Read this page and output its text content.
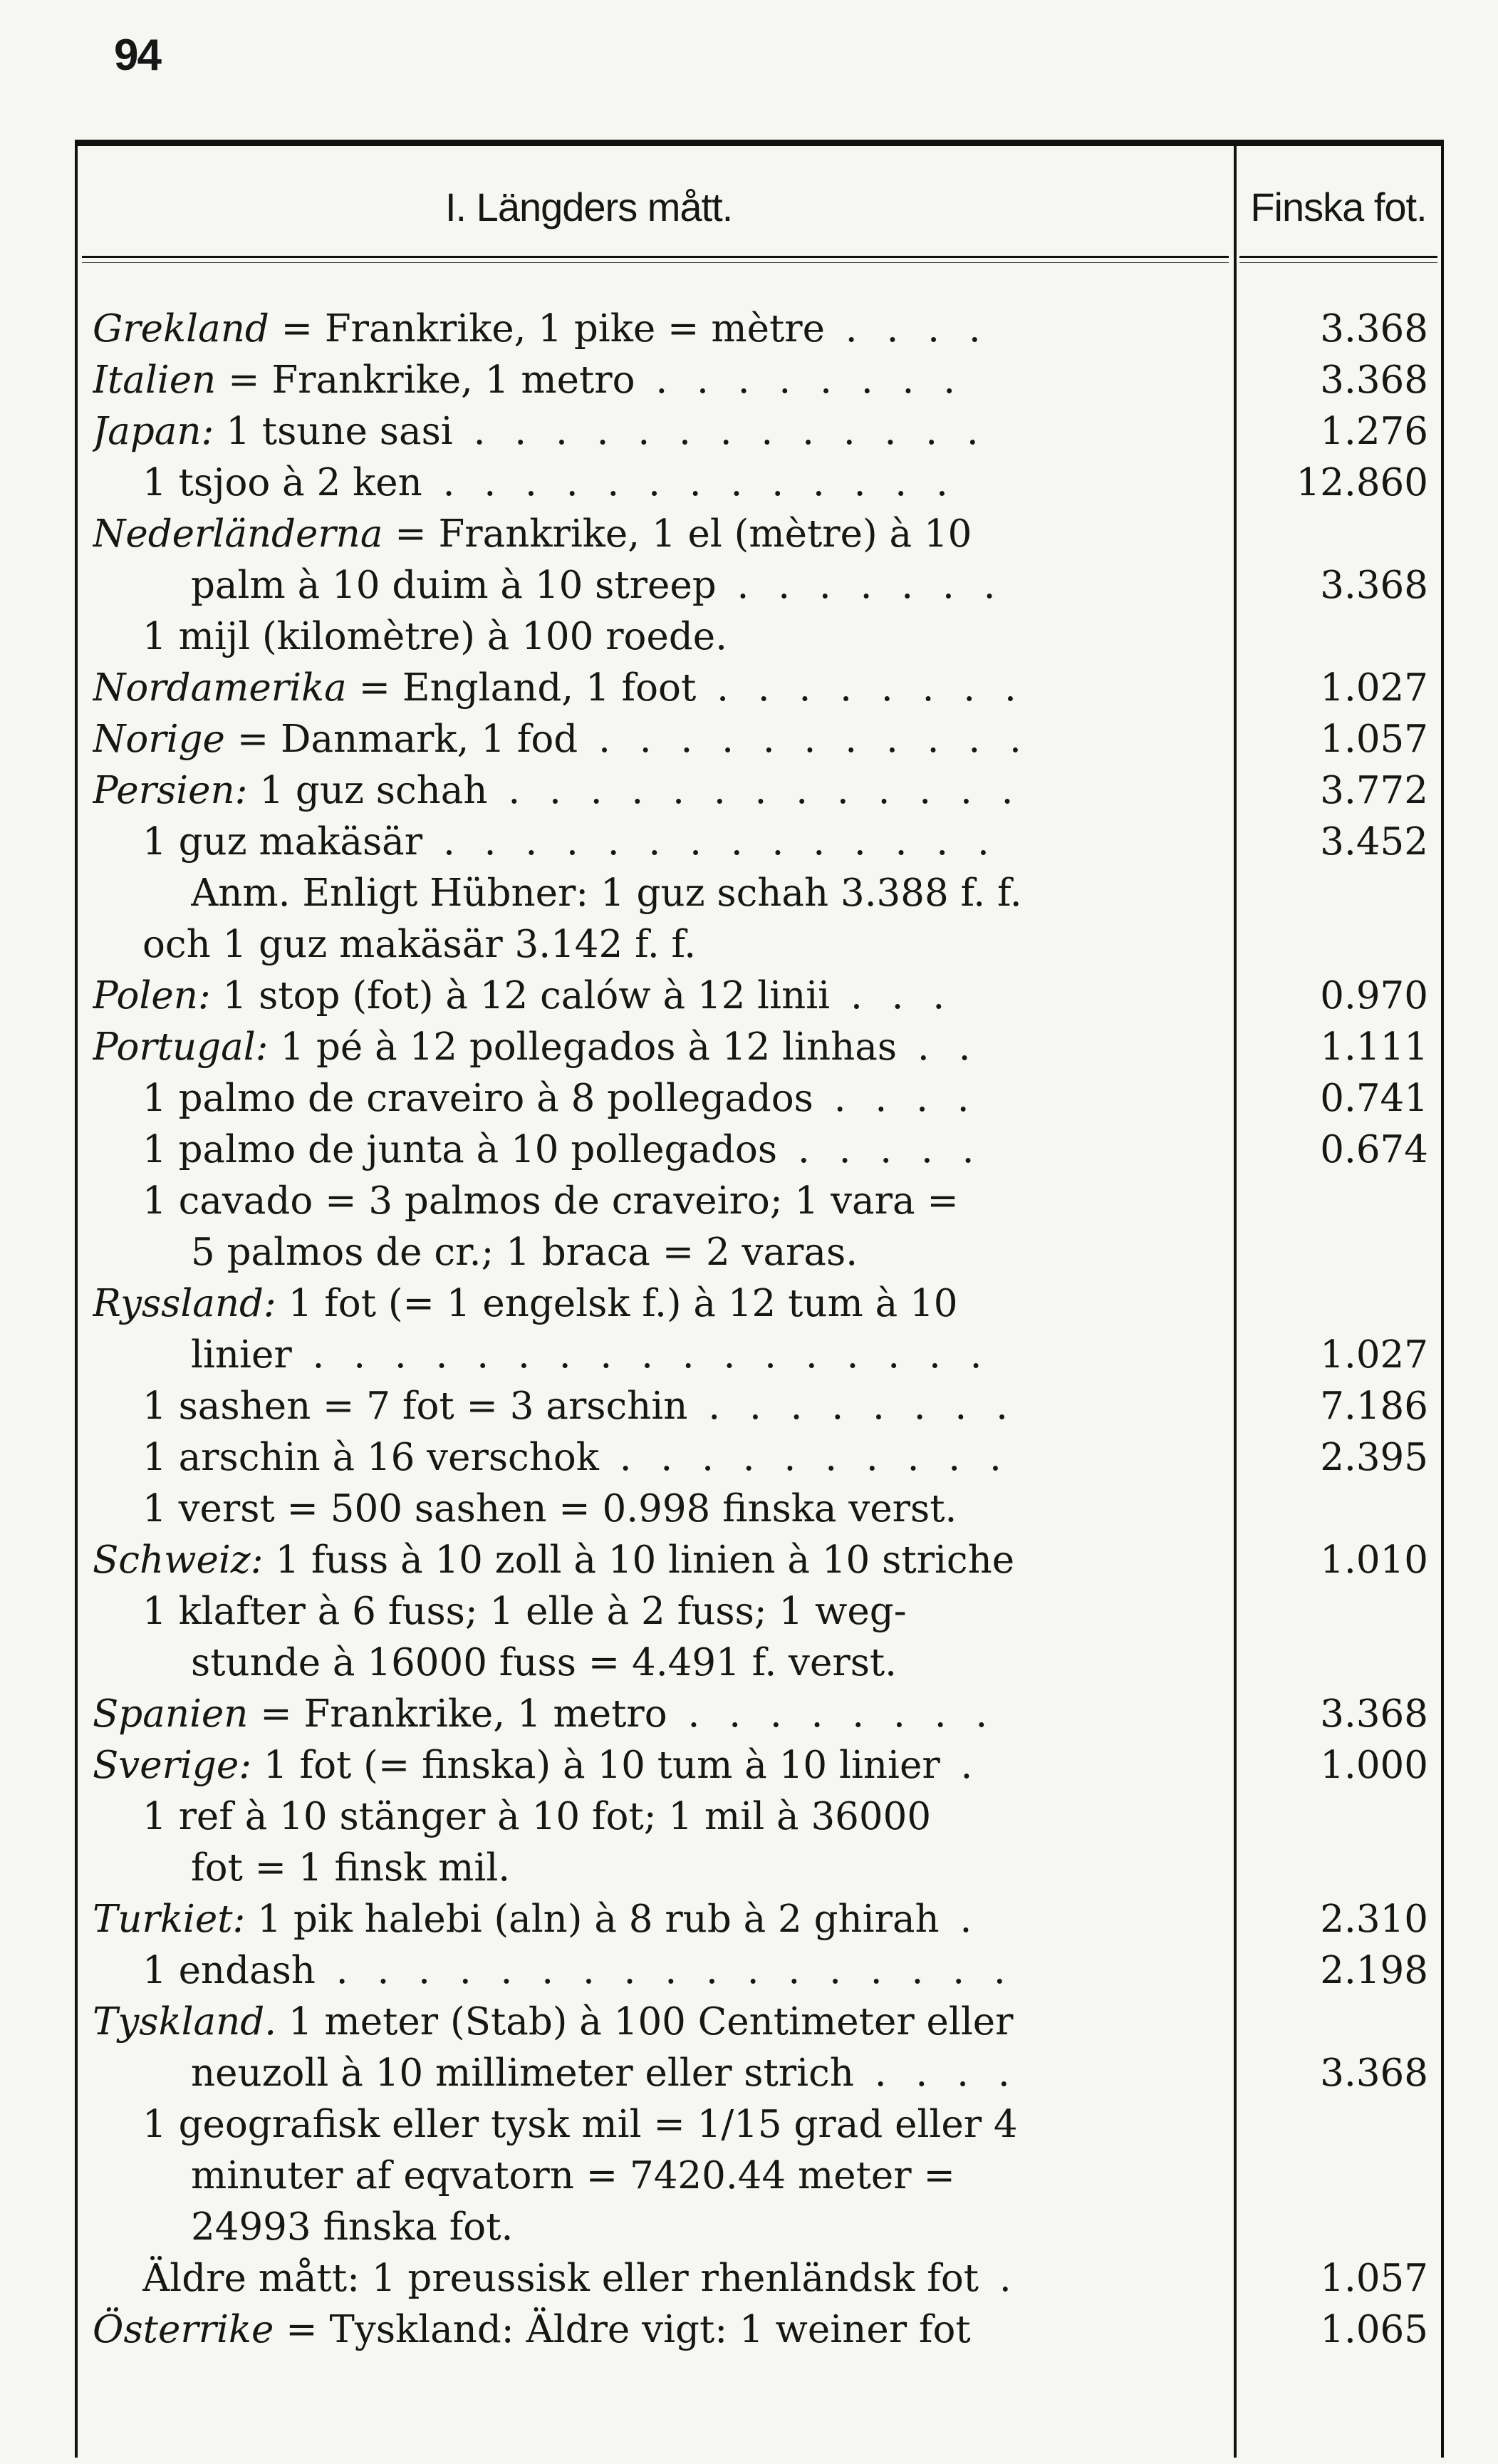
94
I. Längders mått.	Finska fot.
Grekland = Frankrike, 1 pike = mètre . . . .	3.368
Italien = Frankrike, 1 metro . . . . . . . .	3.368
Japan: 1 tsune sasi . . . . . . . . . . . . .	1.276
1 tsjoo à 2 ken . . . . . . . . . . . . .	12.860
Nederländerna = Frankrike, 1 el (mètre) à 10
palm à 10 duim à 10 streep . . . . . . .	3.368
1 mijl (kilomètre) à 100 roede.
Nordamerika = England, 1 foot . . . . . . . .	1.027
Norige = Danmark, 1 fod . . . . . . . . . . .	1.057
Persien: 1 guz schah . . . . . . . . . . . . .	3.772
1 guz makäsär . . . . . . . . . . . . . .	3.452
Anm. Enligt Hübner: 1 guz schah 3.388 f. f.
och 1 guz makäsär 3.142 f. f.
Polen: 1 stop (fot) à 12 calów à 12 linii . . .	0.970
Portugal: 1 pé à 12 pollegados à 12 linhas . .	1.111
1 palmo de craveiro à 8 pollegados . . . .	0.741
1 palmo de junta à 10 pollegados . . . . .	0.674
1 cavado = 3 palmos de craveiro; 1 vara =
5 palmos de cr.; 1 braca = 2 varas.
Ryssland: 1 fot (= 1 engelsk f.) à 12 tum à 10
linier . . . . . . . . . . . . . . . . .	1.027
1 sashen = 7 fot = 3 arschin . . . . . . . .	7.186
1 arschin à 16 verschok . . . . . . . . . .	2.395
1 verst = 500 sashen = 0.998 finska verst.
Schweiz: 1 fuss à 10 zoll à 10 linien à 10 striche	1.010
1 klafter à 6 fuss; 1 elle à 2 fuss; 1 weg-
stunde à 16000 fuss = 4.491 f. verst.
Spanien = Frankrike, 1 metro . . . . . . . .	3.368
Sverige: 1 fot (= finska) à 10 tum à 10 linier .	1.000
1 ref à 10 stänger à 10 fot; 1 mil à 36000
fot = 1 finsk mil.
Turkiet: 1 pik halebi (aln) à 8 rub à 2 ghirah .	2.310
1 endash . . . . . . . . . . . . . . . . .	2.198
Tyskland. 1 meter (Stab) à 100 Centimeter eller
neuzoll à 10 millimeter eller strich . . . .	3.368
1 geografisk eller tysk mil = 1/15 grad eller 4
minuter af eqvatorn = 7420.44 meter =
24993 finska fot.
Äldre mått: 1 preussisk eller rhenländsk fot .	1.057
Österrike = Tyskland: Äldre vigt: 1 weiner fot	1.065
